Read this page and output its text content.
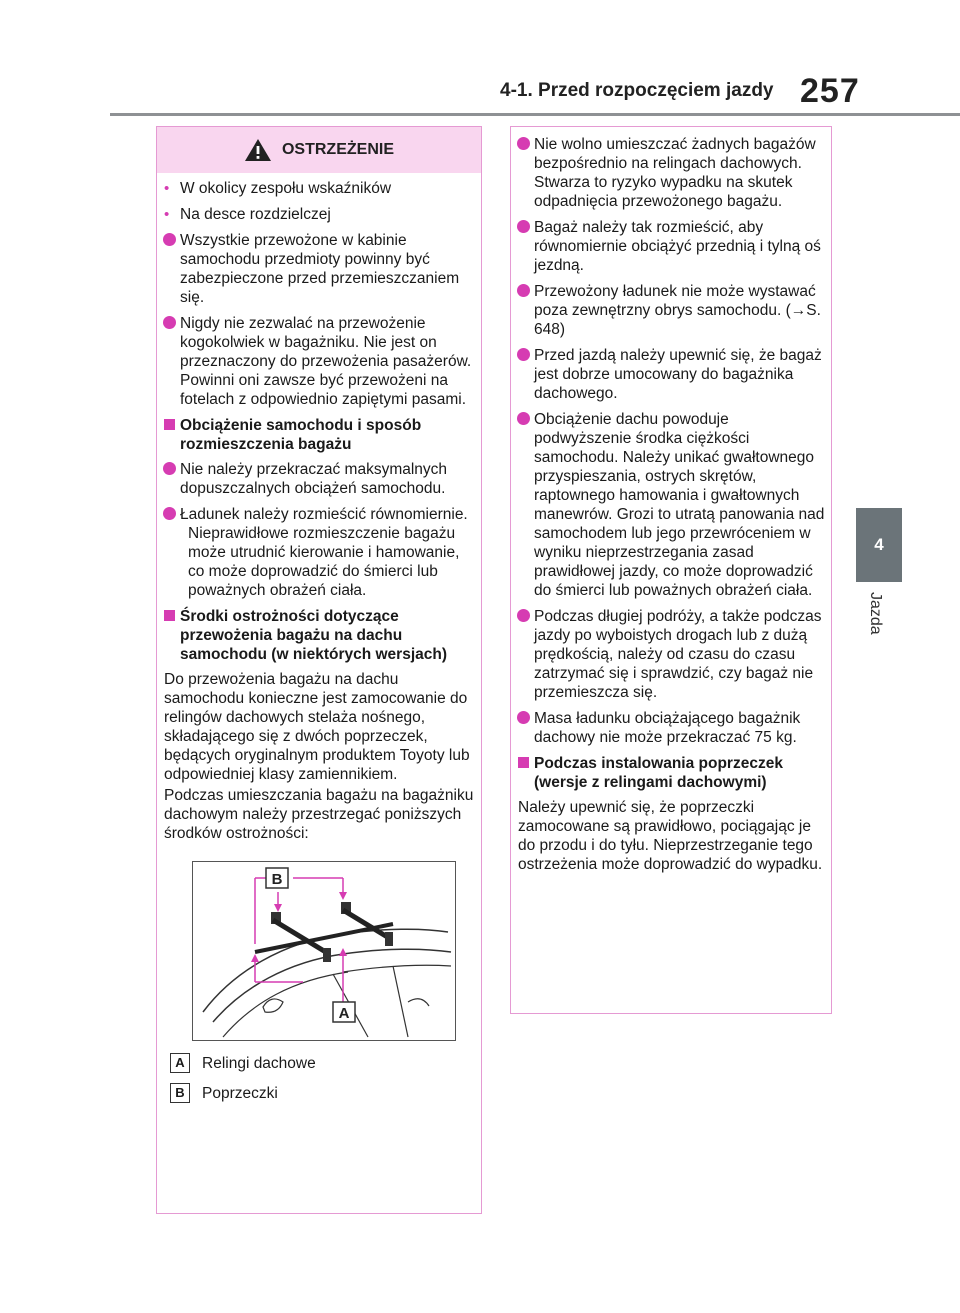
4-1. Przed rozpoczęciem jazdy 257
4
Jazda
OSTRZEŻENIE
• W okolicy zespołu wskaźników
• Na desce rozdzielczej
Wszystkie przewożone w kabinie samochodu przedmioty powinny być zabezpieczone przed przemieszczaniem się.
Nigdy nie zezwalać na przewożenie kogokolwiek w bagażniku. Nie jest on przeznaczony do przewożenia pasażerów. Powinni oni zawsze być przewożeni na fotelach z odpowiednio zapiętymi pasami.
Obciążenie samochodu i sposób rozmieszczenia bagażu
Nie należy przekraczać maksymalnych dopuszczalnych obciążeń samochodu.
Ładunek należy rozmieścić równomiernie.
Nieprawidłowe rozmieszczenie bagażu może utrudnić kierowanie i hamowanie, co może doprowadzić do śmierci lub poważnych obrażeń ciała.
Środki ostrożności dotyczące przewożenia bagażu na dachu samochodu (w niektórych wersjach)
Do przewożenia bagażu na dachu samochodu konieczne jest zamocowanie do relingów dachowych stelaża nośnego, składającego się z dwóch poprzeczek, będących oryginalnym produktem Toyoty lub odpowiedniej klasy zamiennikiem.
Podczas umieszczania bagażu na bagażniku dachowym należy przestrzegać poniższych środków ostrożności:
B
A
A	Relingi dachowe
B	Poprzeczki
Nie wolno umieszczać żadnych bagażów bezpośrednio na relingach dachowych. Stwarza to ryzyko wypadku na skutek odpadnięcia przewożonego bagażu.
Bagaż należy tak rozmieścić, aby równomiernie obciążyć przednią i tylną oś jezdną.
Przewożony ładunek nie może wystawać poza zewnętrzny obrys samochodu. (→S. 648)
Przed jazdą należy upewnić się, że bagaż jest dobrze umocowany do bagażnika dachowego.
Obciążenie dachu powoduje podwyższenie środka ciężkości samochodu. Należy unikać gwałtownego przyspieszania, ostrych skrętów, raptownego hamowania i gwałtownych manewrów. Grozi to utratą panowania nad samochodem lub jego przewróceniem w wyniku nieprzestrzegania zasad prawidłowej jazdy, co może doprowadzić do śmierci lub poważnych obrażeń ciała.
Podczas długiej podróży, a także podczas jazdy po wyboistych drogach lub z dużą prędkością, należy od czasu do czasu zatrzymać się i sprawdzić, czy bagaż nie przemieszcza się.
Masa ładunku obciążającego bagażnik dachowy nie może przekraczać 75 kg.
Podczas instalowania poprzeczek (wersje z relingami dachowymi)
Należy upewnić się, że poprzeczki zamocowane są prawidłowo, pociągając je do przodu i do tyłu. Nieprzestrzeganie tego ostrzeżenia może doprowadzić do wypadku.
